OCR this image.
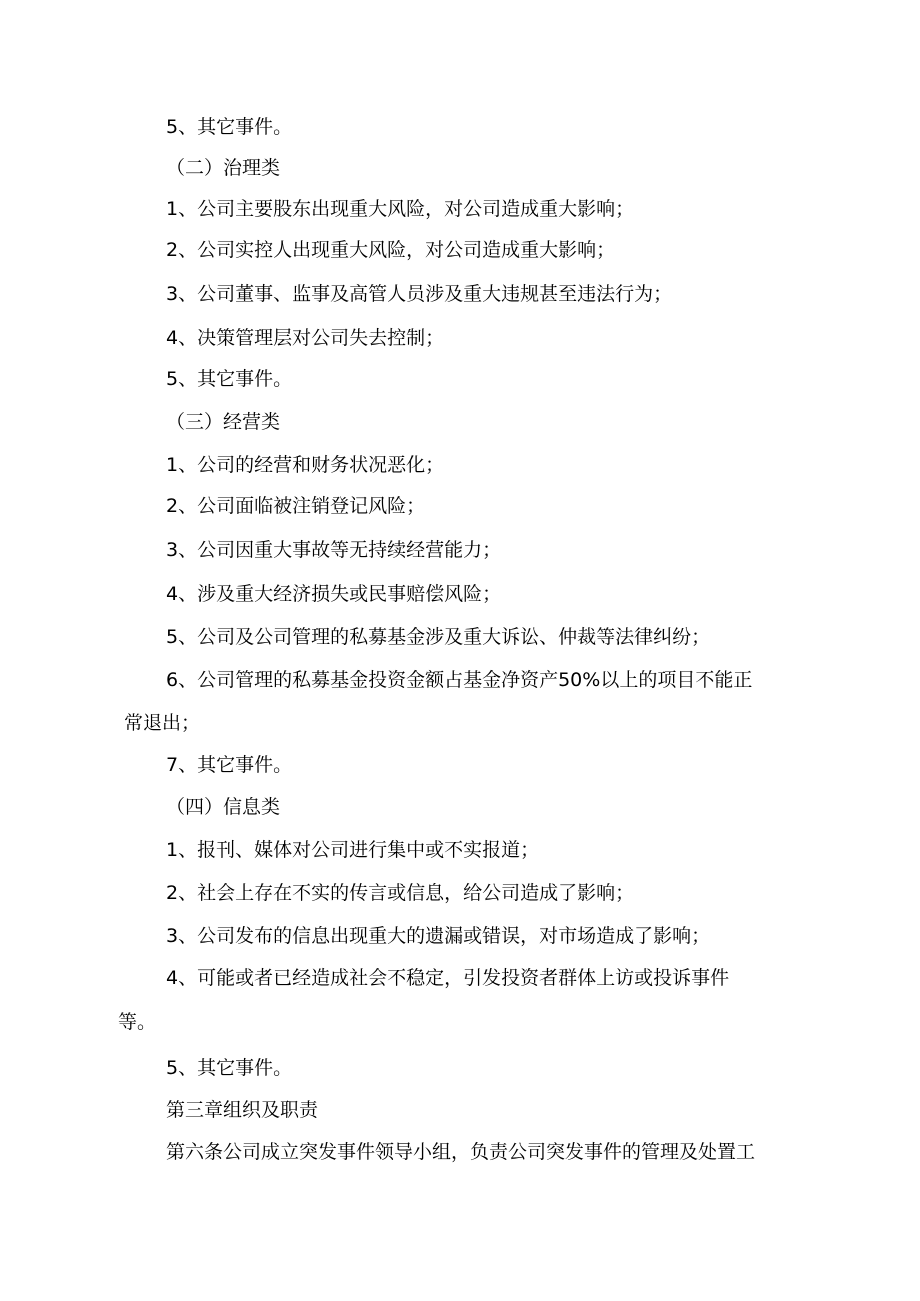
5、其它事件。
（二）治理类
1、公司主要股东出现重大风险，对公司造成重大影响；
2、公司实控人出现重大风险，对公司造成重大影响；
3、公司董事、监事及高管人员涉及重大违规甚至违法行为；
4、决策管理层对公司失去控制；
5、其它事件。
（三）经营类
1、公司的经营和财务状况恶化；
2、公司面临被注销登记风险；
3、公司因重大事故等无持续经营能力；
4、涉及重大经济损失或民事赔偿风险；
5、公司及公司管理的私募基金涉及重大诉讼、仲裁等法律纠纷；
6、公司管理的私募基金投资金额占基金净资产50%以上的项目不能正
常退出；
7、其它事件。
（四）信息类
1、报刊、媒体对公司进行集中或不实报道；
2、社会上存在不实的传言或信息，给公司造成了影响；
3、公司发布的信息出现重大的遗漏或错误，对市场造成了影响；
4、可能或者已经造成社会不稳定，引发投资者群体上访或投诉事件
等。
5、其它事件。
第三章组织及职责
第六条公司成立突发事件领导小组，负责公司突发事件的管理及处置工
